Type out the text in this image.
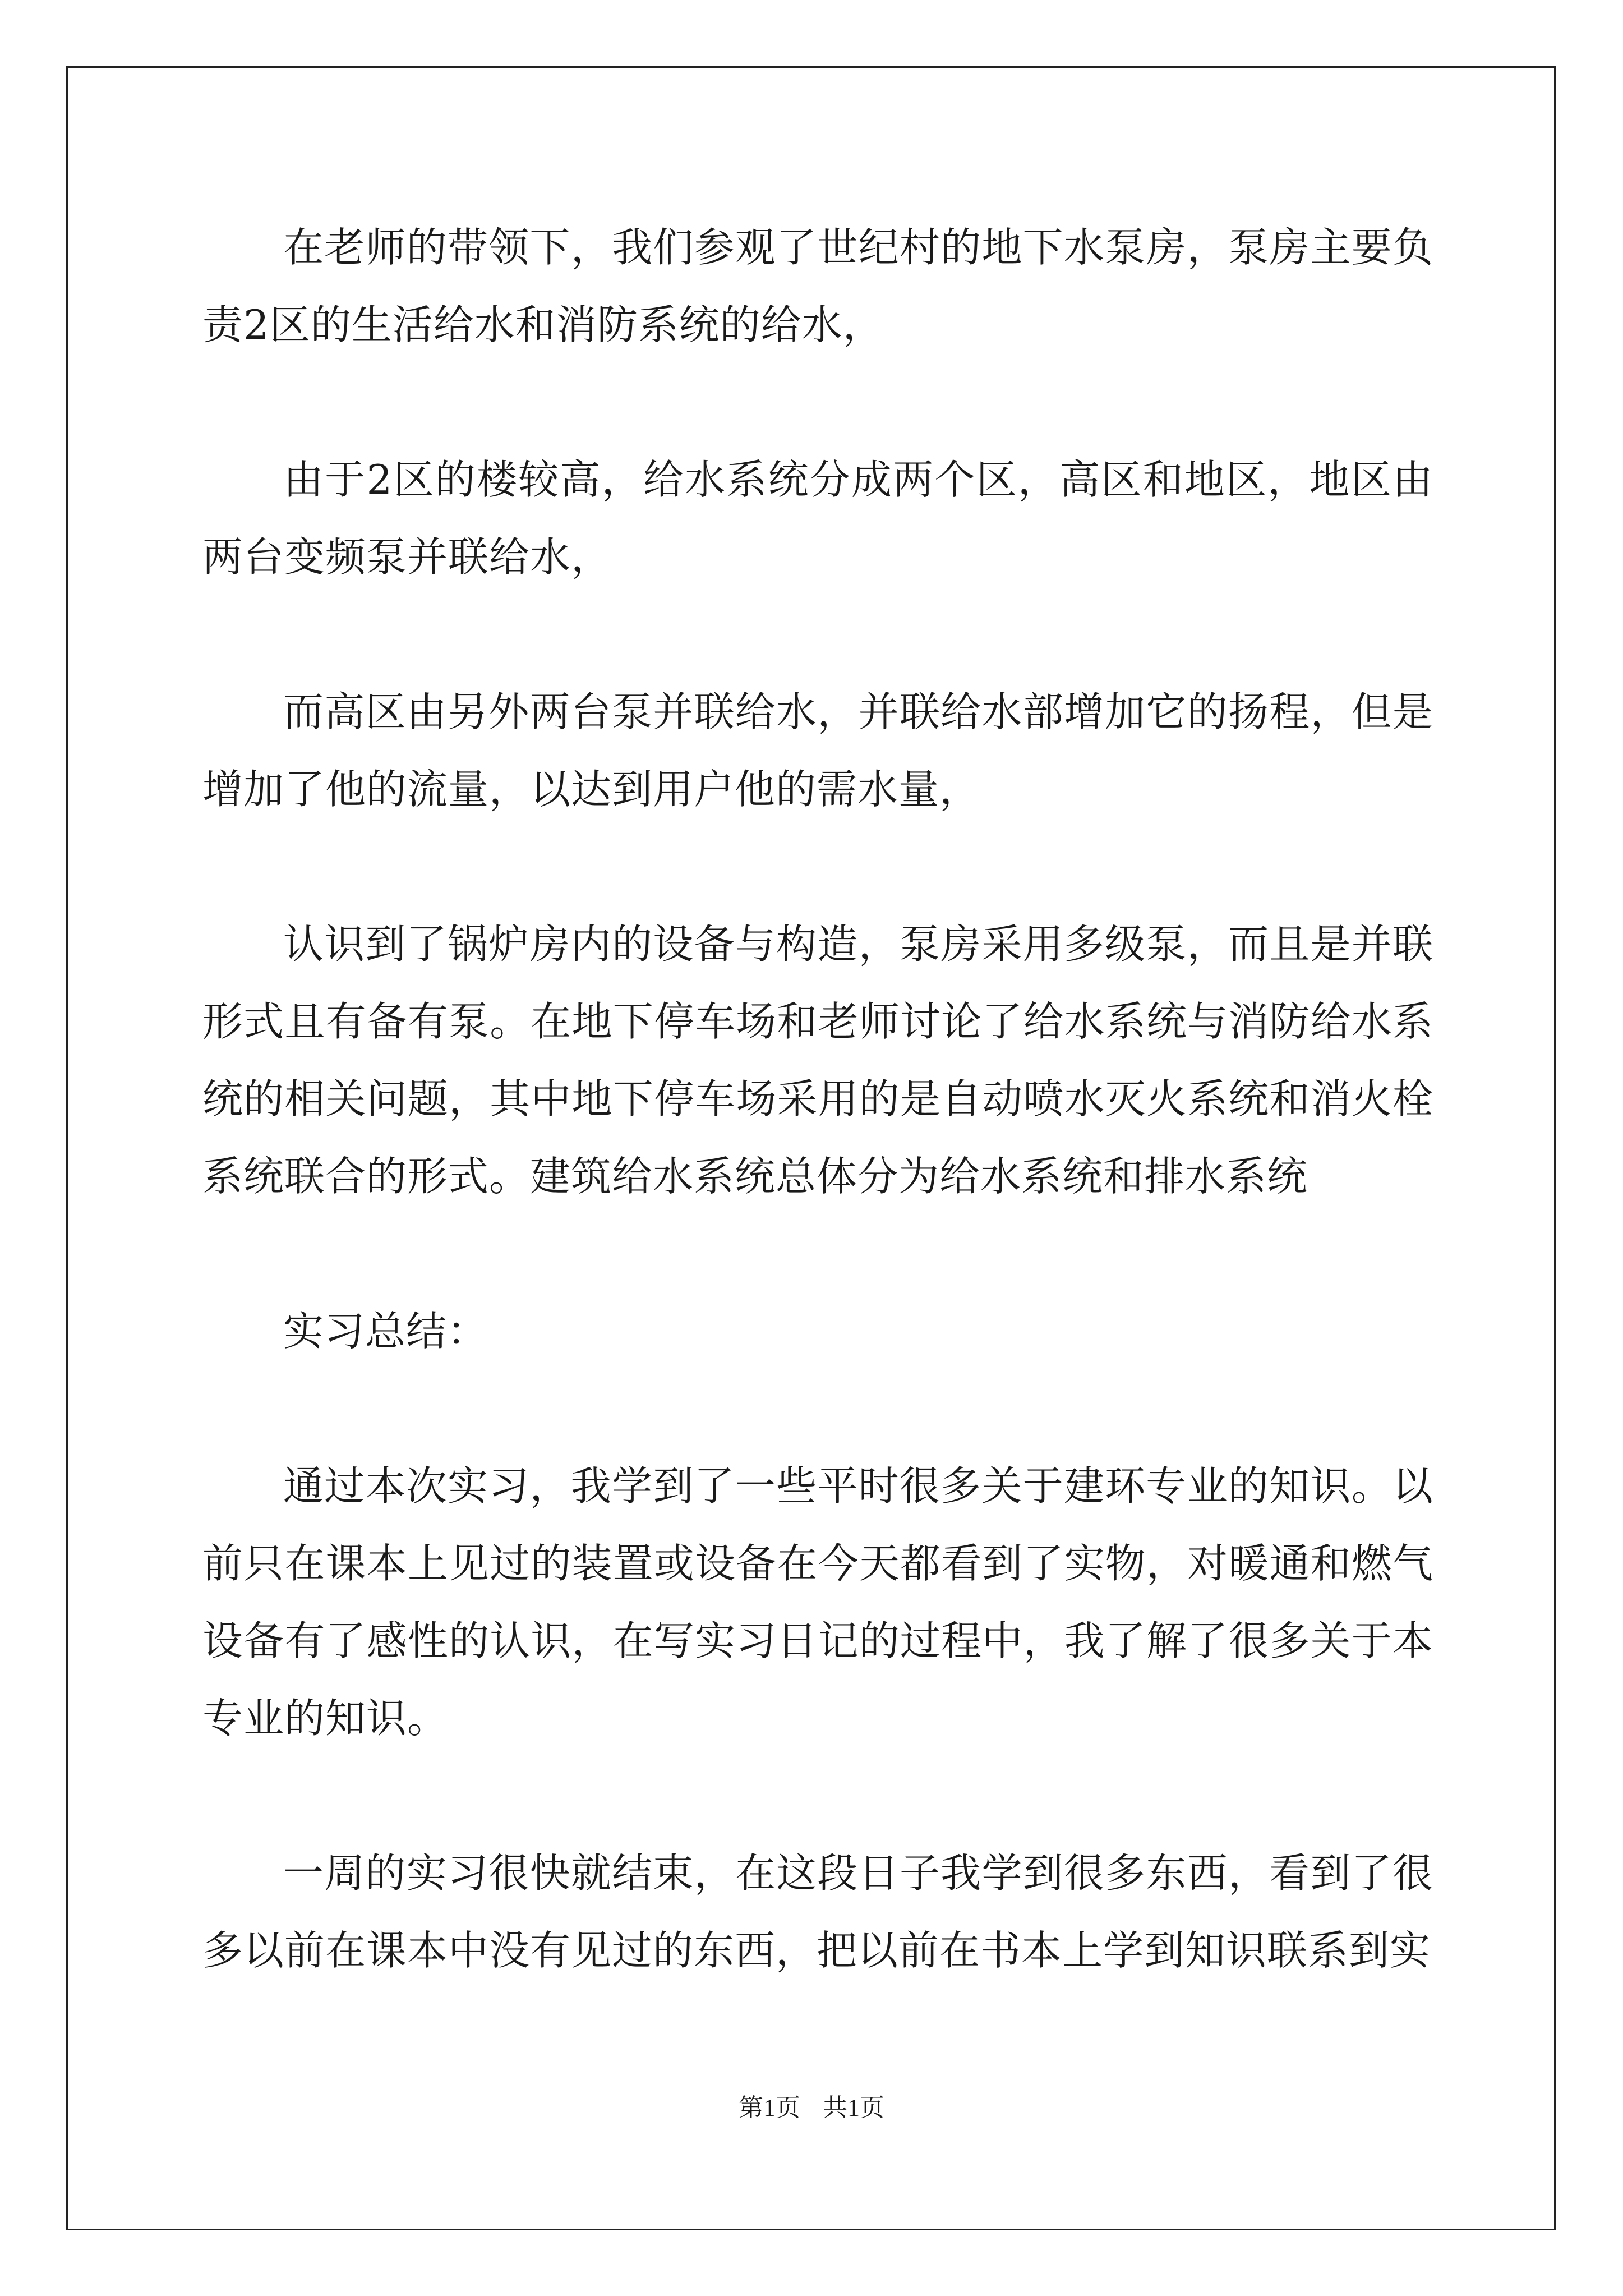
在老师的带领下，我们参观了世纪村的地下水泵房，泵房主要负责2区的生活给水和消防系统的给水，

由于2区的楼较高，给水系统分成两个区，高区和地区，地区由两台变频泵并联给水，

而高区由另外两台泵并联给水，并联给水部增加它的扬程，但是增加了他的流量，以达到用户他的需水量，

认识到了锅炉房内的设备与构造，泵房采用多级泵，而且是并联形式且有备有泵。在地下停车场和老师讨论了给水系统与消防给水系统的相关问题，其中地下停车场采用的是自动喷水灭火系统和消火栓系统联合的形式。建筑给水系统总体分为给水系统和排水系统

实习总结：

通过本次实习，我学到了一些平时很多关于建环专业的知识。以前只在课本上见过的装置或设备在今天都看到了实物，对暖通和燃气设备有了感性的认识，在写实习日记的过程中，我了解了很多关于本专业的知识。

一周的实习很快就结束，在这段日子我学到很多东西，看到了很多以前在课本中没有见过的东西，把以前在书本上学到知识联系到实

第1页 共1页
